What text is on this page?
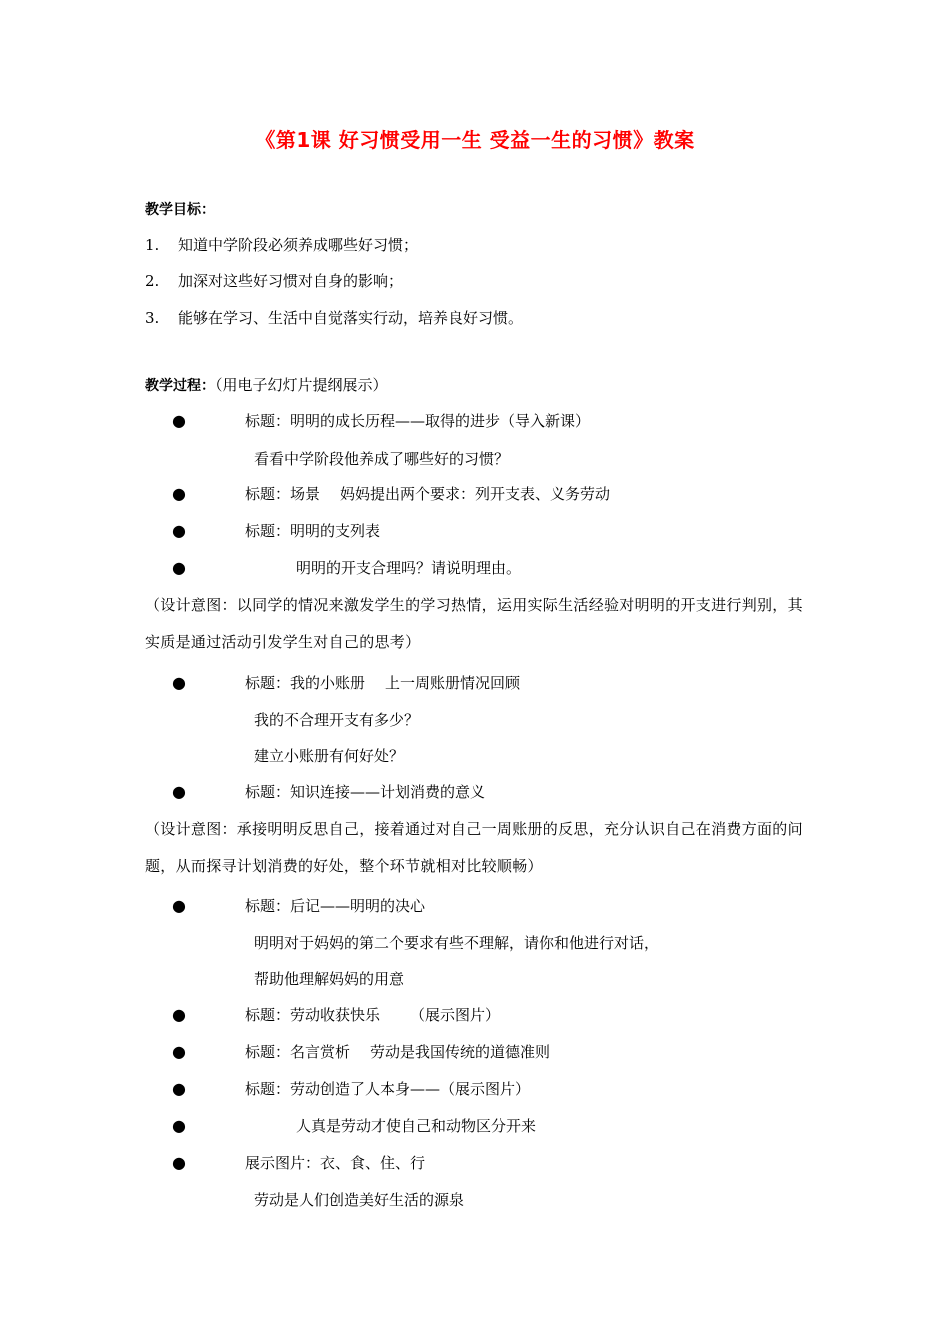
《第1课 好习惯受用一生 受益一生的习惯》教案
教学目标：
1. 知道中学阶段必须养成哪些好习惯；
2. 加深对这些好习惯对自身的影响；
3. 能够在学习、生活中自觉落实行动，培养良好习惯。
教学过程：（用电子幻灯片提纲展示）
●	标题：明明的成长历程——取得的进步（导入新课）
看看中学阶段他养成了哪些好的习惯？
●	标题：场景 妈妈提出两个要求：列开支表、义务劳动
●	标题：明明的支列表
●	明明的开支合理吗？请说明理由。
（设计意图：以同学的情况来激发学生的学习热情，运用实际生活经验对明明的开支进行判别，其实质是通过活动引发学生对自己的思考）
●	标题：我的小账册 上一周账册情况回顾
我的不合理开支有多少？
建立小账册有何好处？
●	标题：知识连接——计划消费的意义
（设计意图：承接明明反思自己，接着通过对自己一周账册的反思，充分认识自己在消费方面的问题，从而探寻计划消费的好处，整个环节就相对比较顺畅）
●	标题：后记——明明的决心
明明对于妈妈的第二个要求有些不理解，请你和他进行对话，
帮助他理解妈妈的用意
●	标题：劳动收获快乐 （展示图片）
●	标题：名言赏析 劳动是我国传统的道德准则
●	标题：劳动创造了人本身——（展示图片）
●	人真是劳动才使自己和动物区分开来
●	展示图片：衣、食、住、行
劳动是人们创造美好生活的源泉
